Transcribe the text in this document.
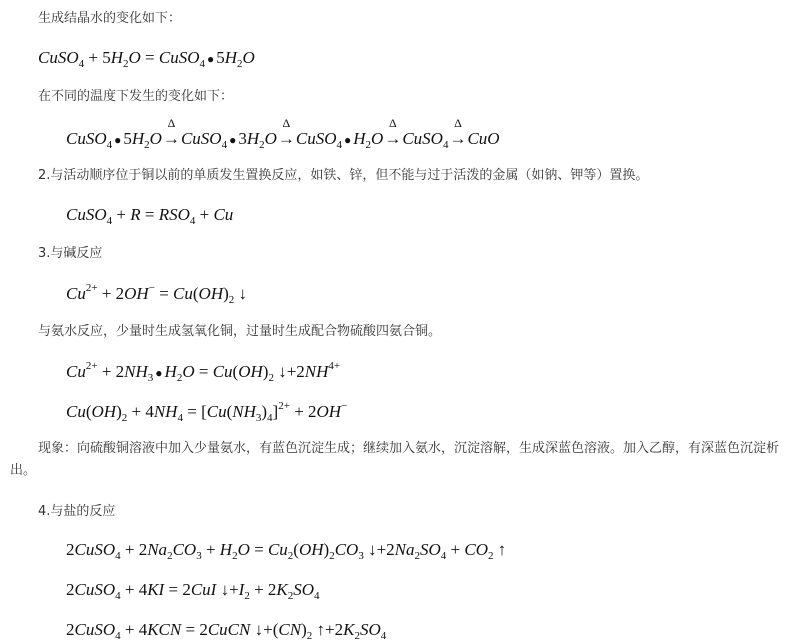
生成结晶水的变化如下：
CuSO$_4$ + $5H_2O$ = CuSO$_4$ ● $5H_2O$
在不同的温度下发生的变化如下：
CuSO$_4$ ● $5H_2O\to$
Δ
CuSO$_4$ ● $3H_2O\to$
Δ
CuSO$_4$ ● $H_2O\to$
Δ
CuSO$_4$→
Δ
CuO
2.与活动顺序位于铜以前的单质发生置换反应，如铁、锌，但不能与过于活泼的金属（如钠、钾等）置换。
CuSO$_4$ + $R = RSO_4 + Cu$
3.与碱反应
$Cu^{2+} + 2OH^- = Cu(OH)_2$ ↓
与氨水反应，少量时生成氢氧化铜，过量时生成配合物硫酸四氨合铜。
$Cu^{2+} + 2NH_3$ ● $H_2O = Cu(OH)_2$ $↓+2NH^{4+}$
$Cu(OH)_2 + 4NH_4 = [Cu(NH_3)_4]^{2+} + 2OH^-$
现象：向硫酸铜溶液中加入少量氨水，有蓝色沉淀生成；继续加入氨水，沉淀溶解，生成深蓝色溶液。加入乙醇，有深蓝色沉淀析出。
4.与盐的反应
2CuSO$_4$ + $2Na_2CO_3 + H_2O = Cu_2(OH)_2CO_3$ $↓+2Na_2SO_4 + CO_2$ ↑
2CuSO$_4$ + 4KI = 2CuI $↓+I_2 + 2K_2SO_4$
2CuSO$_4$ + 4KCN = 2CuCN $↓+(CN)_2$ $↑+2K_2SO_4$
